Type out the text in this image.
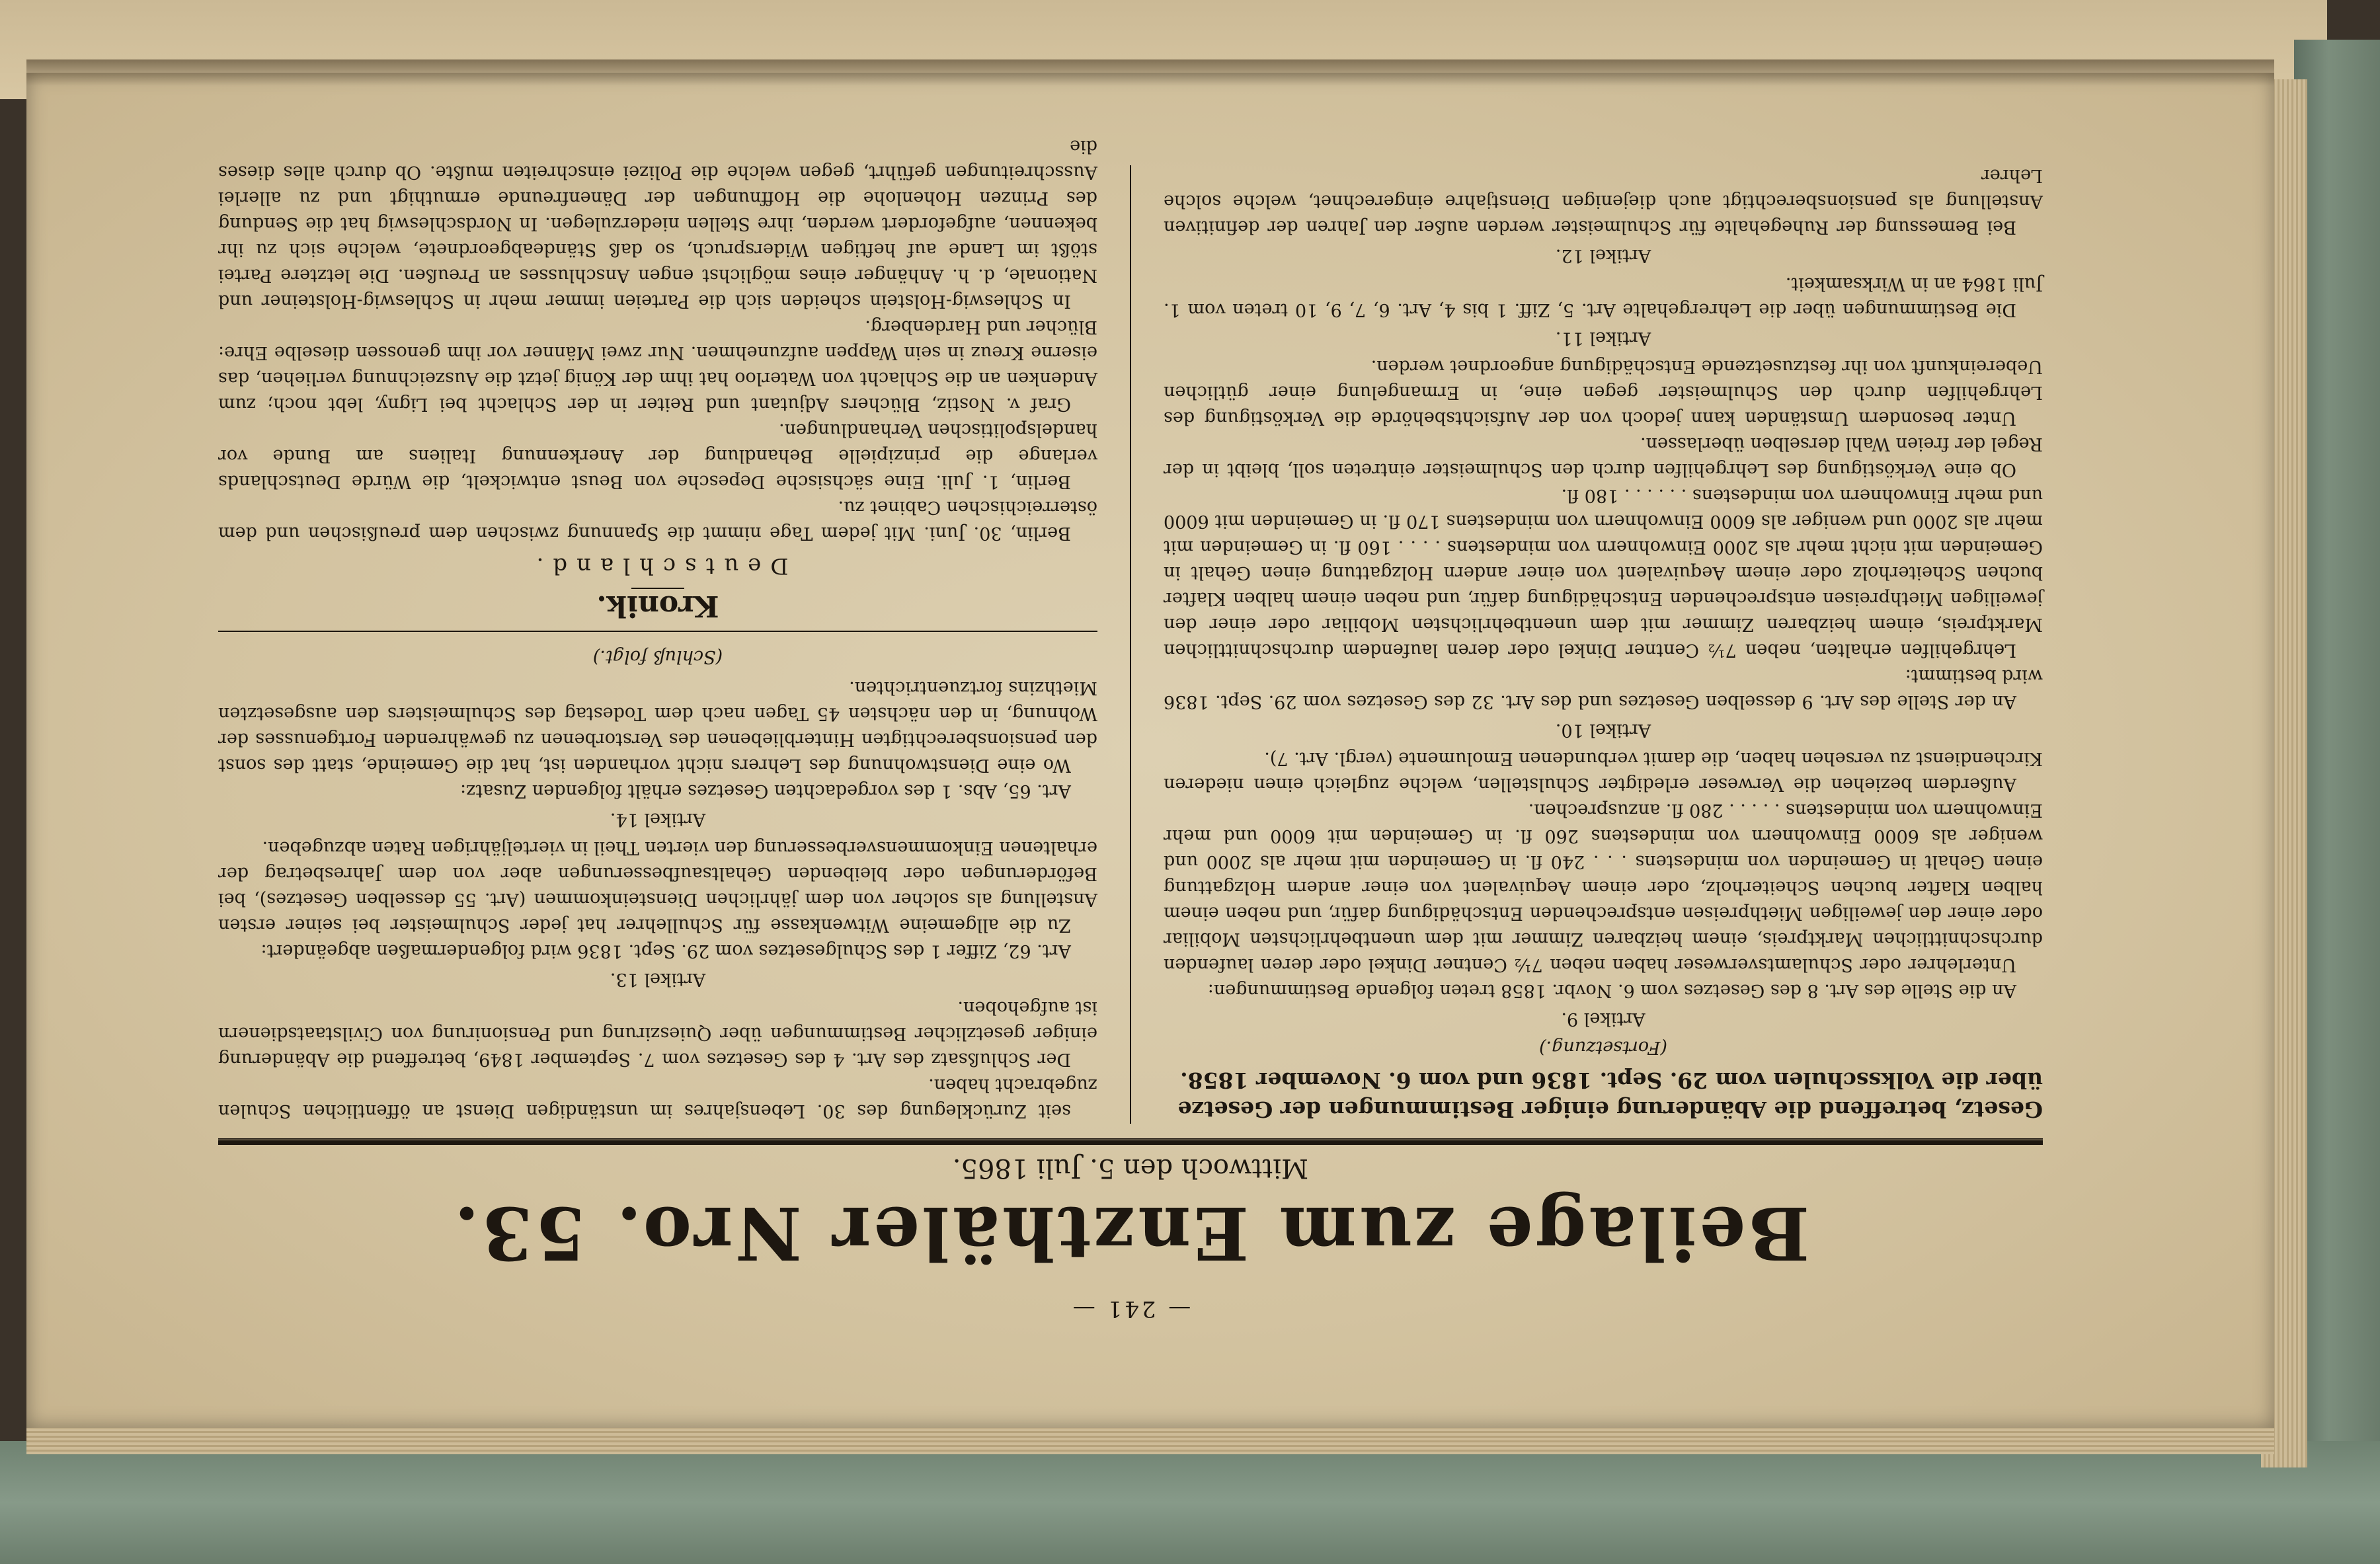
— 241 —
Beilage zum Enzthäler Nro. 53.
Mittwoch den 5. Juli 1865.
Gesetz, betreffend die Abänderung einiger Bestimmungen der Gesetze über die Volksschulen vom 29. Sept. 1836 und vom 6. November 1858.
(Fortsetzung.)
Artikel 9.

An die Stelle des Art. 8 des Gesetzes vom 6. Novbr. 1858 treten folgende Bestimmungen:

Unterlehrer oder Schulamtsverweser haben neben 7½ Centner Dinkel oder deren laufenden durchschnittlichen Marktpreis, einem heizbaren Zimmer mit dem unentbehrlichsten Mobiliar oder einer den jeweiligen Miethpreisen entsprechenden Entschädigung dafür, und neben einem halben Klafter buchen Scheiterholz, oder einem Aequivalent von einer andern Holzgattung einen Gehalt in Gemeinden von mindestens . . . 240 fl. in Gemeinden mit mehr als 2000 und weniger als 6000 Einwohnern von mindestens 260 fl. in Gemeinden mit 6000 und mehr Einwohnern von mindestens . . . . . 280 fl. anzusprechen.

Außerdem beziehen die Verweser erledigter Schulstellen, welche zugleich einen niederen Kirchendienst zu versehen haben, die damit verbundenen Emolumente (vergl. Art. 7).

Artikel 10.

An der Stelle des Art. 9 desselben Gesetzes und des Art. 32 des Gesetzes vom 29. Sept. 1836 wird bestimmt:

Lehrgehilfen erhalten, neben 7½ Centner Dinkel oder deren laufendem durchschnittlichen Marktpreis, einem heizbaren Zimmer mit dem unentbehrlichsten Mobiliar oder einer den jeweiligen Miethpreisen entsprechenden Entschädigung dafür, und neben einem halben Klafter buchen Scheiterholz oder einem Aequivalent von einer andern Holzgattung einen Gehalt in Gemeinden mit nicht mehr als 2000 Einwohnern von mindestens . . . . 160 fl. in Gemeinden mit mehr als 2000 und weniger als 6000 Einwohnern von mindestens 170 fl. in Gemeinden mit 6000 und mehr Einwohnern von mindestens . . . . . . 180 fl.

Ob eine Verköstigung des Lehrgehilfen durch den Schulmeister eintreten soll, bleibt in der Regel der freien Wahl derselben überlassen.

Unter besondern Umständen kann jedoch von der Aufsichtsbehörde die Verköstigung des Lehrgehilfen durch den Schulmeister gegen eine, in Ermangelung einer gütlichen Uebereinkunft von ihr festzusetzende Entschädigung angeordnet werden.

Artikel 11.

Die Bestimmungen über die Lehrergehalte Art. 5, Ziff. 1 bis 4, Art. 6, 7, 9, 10 treten vom 1. Juli 1864 an in Wirksamkeit.

Artikel 12.

Bei Bemessung der Ruhegehalte für Schulmeister werden außer den Jahren der definitiven Anstellung als pensionsberechtigt auch diejenigen Dienstjahre eingerechnet, welche solche Lehrer

seit Zurücklegung des 30. Lebensjahres im unständigen Dienst an öffentlichen Schulen zugebracht haben.

Der Schlußsatz des Art. 4 des Gesetzes vom 7. September 1849, betreffend die Abänderung einiger gesetzlicher Bestimmungen über Quieszirung und Pensionirung von Civilstaatsdienern ist aufgehoben.

Artikel 13.

Art. 62, Ziffer 1 des Schulgesetzes vom 29. Sept. 1836 wird folgendermaßen abgeändert:

Zu die allgemeine Witwenkasse für Schullehrer hat jeder Schulmeister bei seiner ersten Anstellung als solcher von dem jährlichen Diensteinkommen (Art. 55 desselben Gesetzes), bei Beförderungen oder bleibenden Gehaltsaufbesserungen aber von dem Jahresbetrag der erhaltenen Einkommensverbesserung den vierten Theil in vierteljährigen Raten abzugeben.

Artikel 14.

Art. 65, Abs. 1 des vorgedachten Gesetzes erhält folgenden Zusatz:

Wo eine Dienstwohnung des Lehrers nicht vorhanden ist, hat die Gemeinde, statt des sonst den pensionsberechtigten Hinterbliebenen des Verstorbenen zu gewährenden Fortgenusses der Wohnung, in den nächsten 45 Tagen nach dem Todestag des Schulmeisters den ausgesetzten Miethzins fortzuentrichten.

(Schluß folgt.)
Kronik.
Deutschland.

Berlin, 30. Juni. Mit jedem Tage nimmt die Spannung zwischen dem preußischen und dem österreichischen Cabinet zu.

Berlin, 1. Juli. Eine sächsische Depesche von Beust entwickelt, die Würde Deutschlands verlange die prinzipielle Behandlung der Anerkennung Italiens am Bunde vor handelspolitischen Verhandlungen.

Graf v. Nostiz, Blüchers Adjutant und Reiter in der Schlacht bei Ligny, lebt noch; zum Andenken an die Schlacht von Waterloo hat ihm der König jetzt die Auszeichnung verliehen, das eiserne Kreuz in sein Wappen aufzunehmen. Nur zwei Männer vor ihm genossen dieselbe Ehre: Blücher und Hardenberg.

In Schleswig-Holstein scheiden sich die Parteien immer mehr in Schleswig-Holsteiner und Nationale, d. h. Anhänger eines möglichst engen Anschlusses an Preußen. Die letztere Partei stößt im Lande auf heftigen Widerspruch, so daß Ständeabgeordnete, welche sich zu ihr bekennen, aufgefordert werden, ihre Stellen niederzulegen. In Nordschleswig hat die Sendung des Prinzen Hohenlohe die Hoffnungen der Dänenfreunde ermuthigt und zu allerlei Ausschreitungen geführt, gegen welche die Polizei einschreiten mußte. Ob durch alles dieses die
